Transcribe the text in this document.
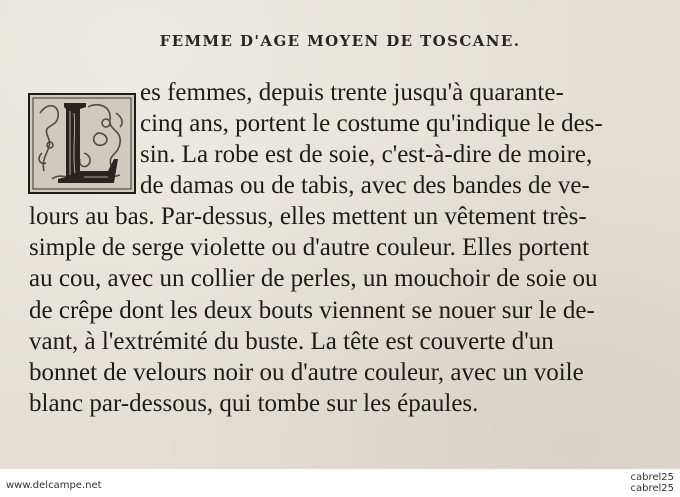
FEMME D'AGE MOYEN DE TOSCANE.
es femmes, depuis trente jusqu'à quarante-
cinq ans, portent le costume qu'indique le des-
sin. La robe est de soie, c'est-à-dire de moire,
de damas ou de tabis, avec des bandes de ve-
lours au bas. Par-dessus, elles mettent un vêtement très-
simple de serge violette ou d'autre couleur. Elles portent
au cou, avec un collier de perles, un mouchoir de soie ou
de crêpe dont les deux bouts viennent se nouer sur le de-
vant, à l'extrémité du buste. La tête est couverte d'un
bonnet de velours noir ou d'autre couleur, avec un voile
blanc par-dessous, qui tombe sur les épaules.
www.delcampe.net
cabrel25
cabrel25
